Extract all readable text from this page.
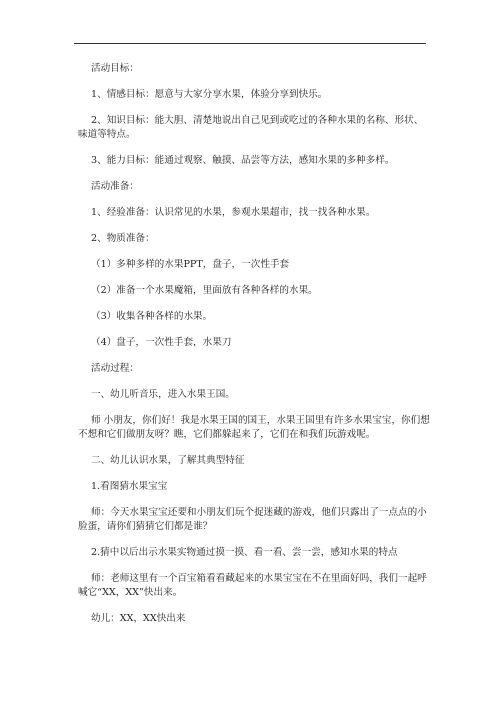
活动目标：

1、情感目标：愿意与大家分享水果，体验分享到快乐。

2、知识目标：能大胆、清楚地说出自己见到或吃过的各种水果的名称、形状、味道等特点。

3、能力目标：能通过观察、触摸、品尝等方法，感知水果的多种多样。

活动准备：

1、经验准备：认识常见的水果，参观水果超市，找一找各种水果。

2、物质准备：

（1）多种多样的水果PPT，盘子，一次性手套

（2）准备一个水果魔箱，里面放有各种各样的水果。

（3）收集各种各样的水果。

（4）盘子，一次性手套，水果刀

活动过程：

一、幼儿听音乐，进入水果王国。

师 小朋友，你们好！我是水果王国的国王，水果王国里有许多水果宝宝，你们想不想和它们做朋友呀？瞧，它们都躲起来了，它们在和我们玩游戏呢。

二、幼儿认识水果，了解其典型特征

1.看图猜水果宝宝

师：今天水果宝宝还要和小朋友们玩个捉迷藏的游戏，他们只露出了一点点的小脸蛋，请你们猜猜它们都是谁？

2.猜中以后出示水果实物通过摸一摸、看一看、尝一尝，感知水果的特点

师：老师这里有一个百宝箱看看藏起来的水果宝宝在不在里面好吗，我们一起呼喊它“XX，XX”快出来。

幼儿：XX，XX快出来
